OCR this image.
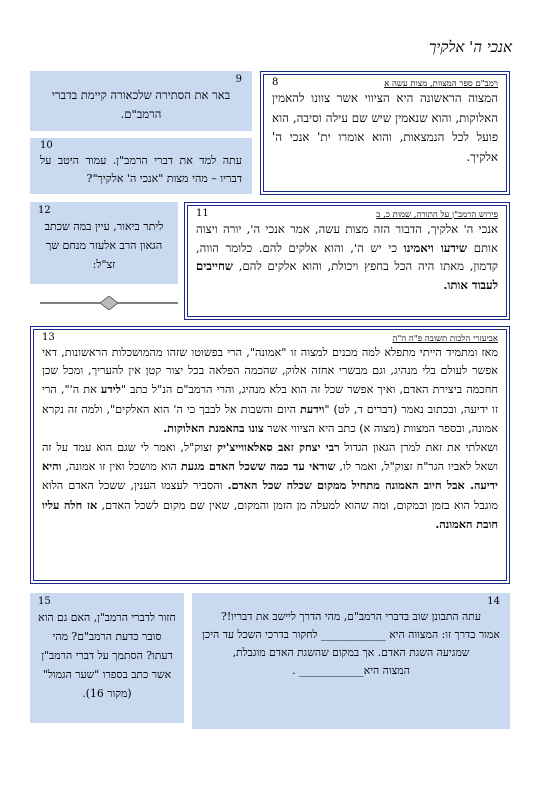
אנכי ה' אלקיך
9
באר את הסתירה שלכאורה קיימת בדברי הרמב"ם.
רמב"ם ספר המצוות, מצות עשה א
8
המצוה הראשונה היא הציווי אשר צוונו להאמין האלוקות, והוא שנאמין שיש שם עילה וסיבה, הוא פועל לכל הנמצאות, והוא אומרו ית' אנכי ה' אלקיך.
10
עתה למד את דברי הרמב"ן. עמוד היטב על דבריו – מהי מצות "אנכי ה' אלקיך"?
12
ליתר ביאור, עיין במה שכתב הגאון הרב אלעזר מנחם שך זצ"ל:
פירוש הרמב"ן על התורה, שמות כ, ב
11
אנכי ה' אלקיך, הדבור הזה מצות עשה, אמר אנכי ה', יורה ויצוה אותם שידעו ויאמינו כי יש ה', והוא אלקים להם. כלומר הווה, קדמון, מאתו היה הכל בחפץ ויכולת, והוא אלקים להם, שחייבים לעבוד אותו.
אביעזרי הלכות תשובה פ"ה ה"ה
13
מאז ומתמיד הייתי מתפלא למה מכנים למצוה זו "אמונה", הרי בפשוטו שזהו מהמושכלות הראשונות, דאי אפשר לעולם בלי מנהיג, וגם מבשרי אחזה אלוק, שהכמה הפלאה בכל יצור קטן אין להעריך, ומכל שכן חחכמה ביצירת האדם, ואיך אפשר שכל זה הוא בלא מנהיג, והרי הרמב"ם הנ"ל כתב "לידע את ה'", הרי זו ידיעה, ובכתוב נאמר (דברים ד, לט) "וידעת היום והשבות אל לבבך כי ה' הוא האלקים", ולמה זה נקרא אמונה, ובספר המצוות (מצוה א) כתב היא הציווי אשר צונו בהאמנת האלוקות.
ושאלתי את זאת למרן הגאון הגדול רבי יצחק זאב סאלאווייצ'יק זצוק"ל, ואמר לי שגם הוא עמד על זה ושאל לאביו הגר"ח זצוק"ל, ואמר לו, שודאי עד כמה ששכל האדם מגעת הוא מושכל ואין זו אמונה, והיא ידיעה. אבל חיוב האמונה מתחיל ממקום שכלה שכל האדם. והסביר לעצמו הענין, ששכל האדם הלוא מוגבל הוא בזמן ובמקום, ומה שהוא למעלה מן הזמן והמקום, שאין שם מקום לשכל האדם, אז חלה עליו חובת האמונה.
15
חזור לדברי הרמב"ן, האם גם הוא סובר כדעת הרמב"ם? מהי דעתו? הסתמך על דברי הרמב"ן אשר כתב בספרו "שער הגמול" (מקור 16).
14
עתה התבונן שוב בדברי הרמב"ם, מהי הדרך ליישב את דבריו!?
אמור בדרך זו: המצווה היא ____________ לחקור בדרכי השכל עד היכן שמגיעה השגת האדם. אך במקום שהשגת האדם מוגבלת,
המצוה היא____________ .
